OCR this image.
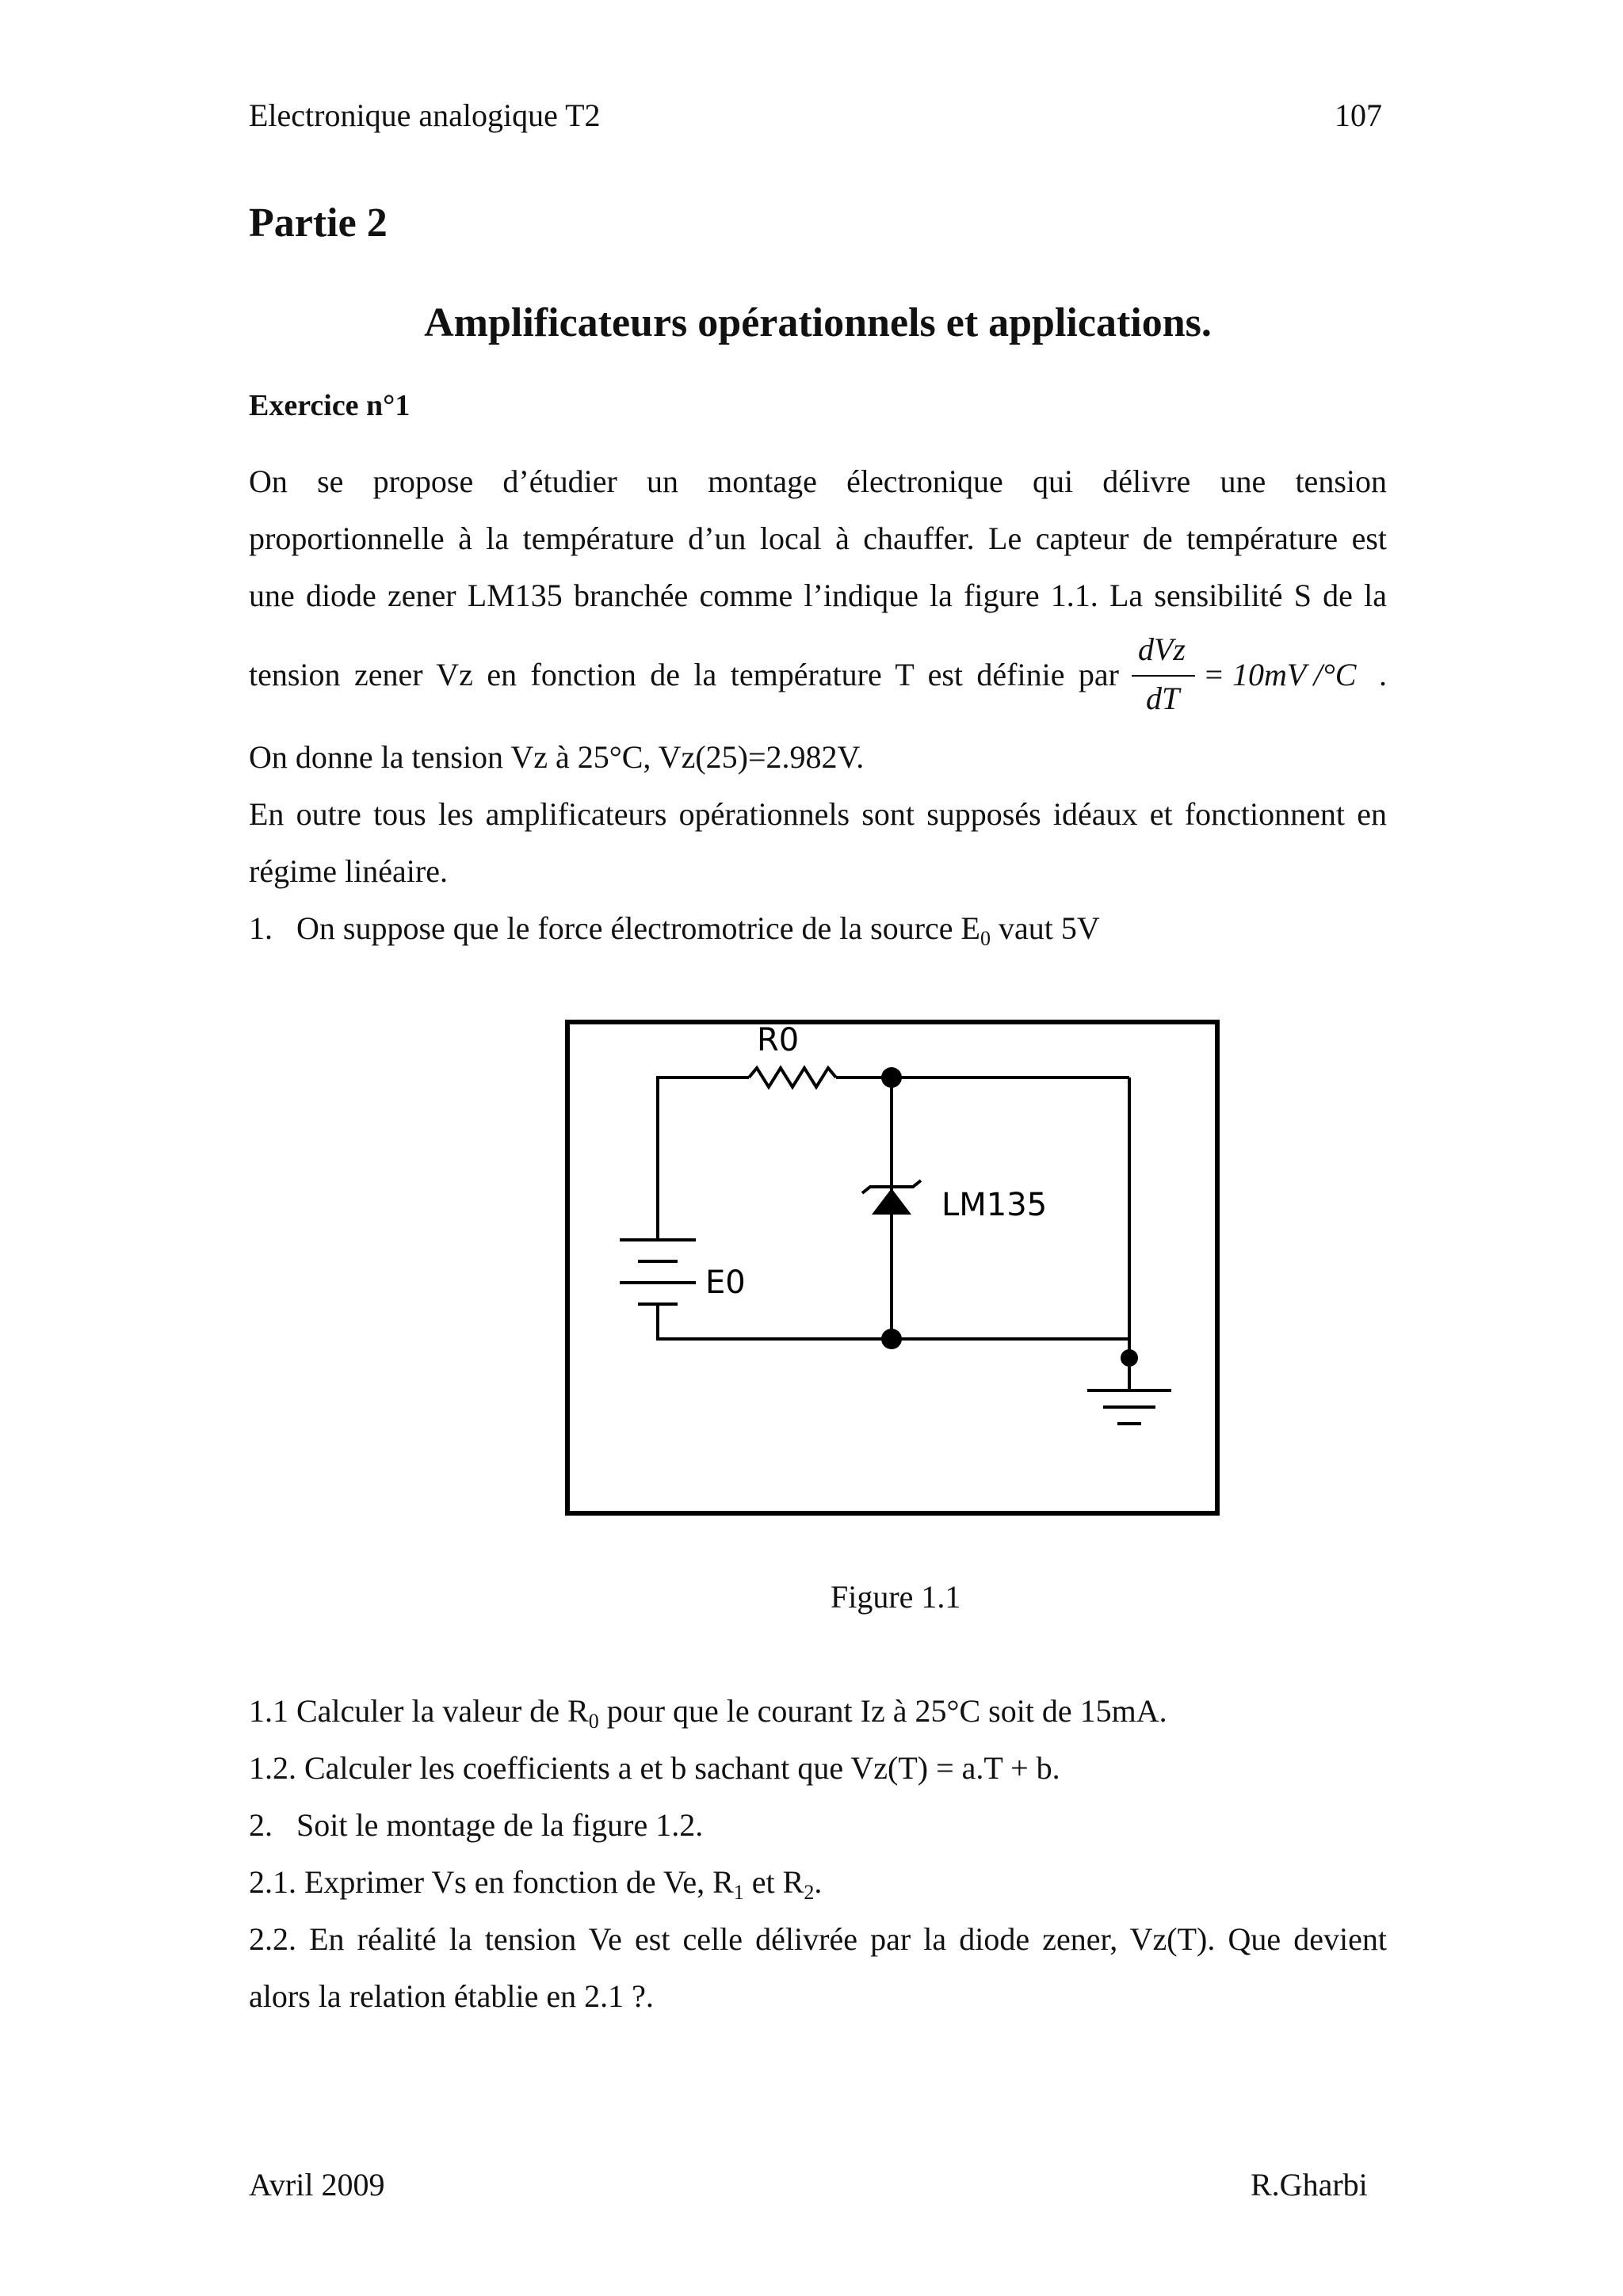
Electronique analogique T2	107
Partie 2
Amplificateurs opérationnels et applications.
Exercice n°1
On se propose d’étudier un montage électronique qui délivre une tension
proportionnelle à la température d’un local à chauffer. Le capteur de température est
une diode zener LM135 branchée comme l’indique la figure 1.1. La sensibilité S de la
tension zener Vz en fonction de la température T est définie par
dVz
dT
= 10mV /°C .
On donne la tension Vz à 25°C, Vz(25)=2.982V.
En outre tous les amplificateurs opérationnels sont supposés idéaux et fonctionnent en
régime linéaire.
1. On suppose que le force électromotrice de la source $E_0$ vaut 5V
R0
LM135
E0
Figure 1.1
1.1 Calculer la valeur de $R_0$ pour que le courant Iz à 25°C soit de 15mA.
1.2. Calculer les coefficients a et b sachant que Vz(T) = a.T + b.
2. Soit le montage de la figure 1.2.
2.1. Exprimer Vs en fonction de Ve, $R_1$ et $R_2$.
2.2. En réalité la tension Ve est celle délivrée par la diode zener, Vz(T). Que devient
alors la relation établie en 2.1 ?.
Avril 2009	R.Gharbi
